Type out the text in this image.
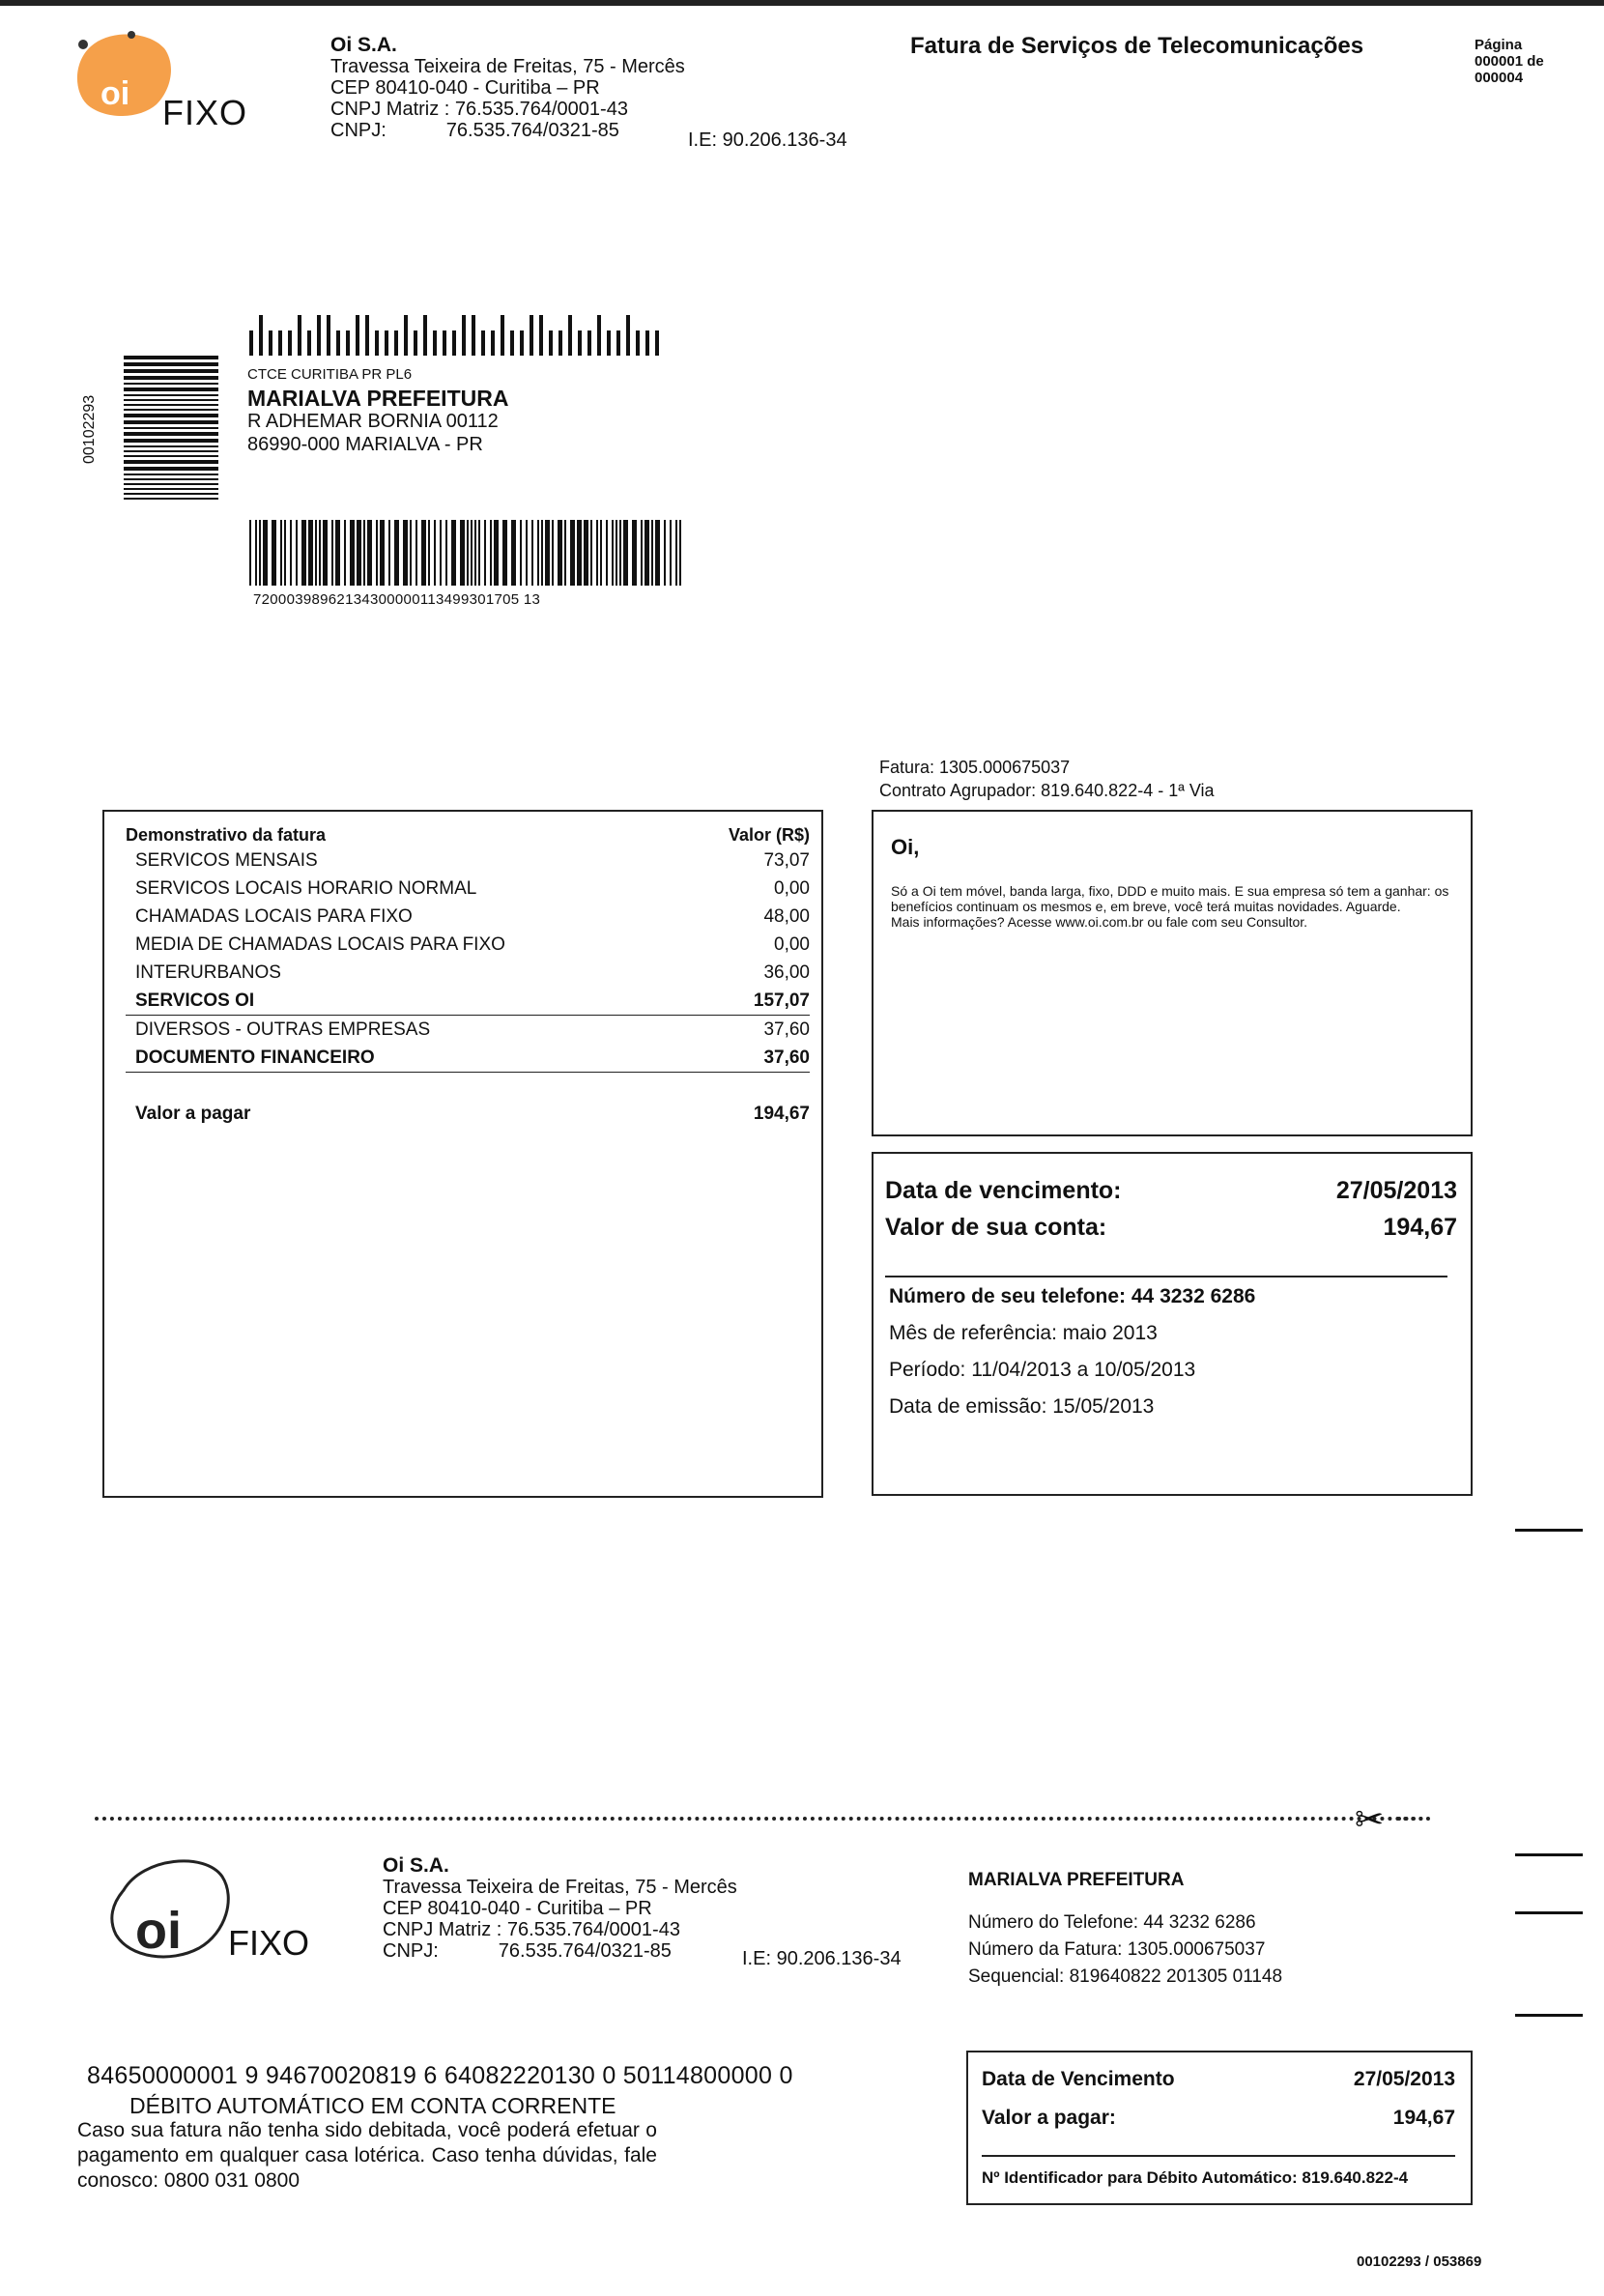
oi FIXO
Oi S.A.
Travessa Teixeira de Freitas, 75 - Mercês
CEP 80410-040 - Curitiba – PR
CNPJ Matriz : 76.535.764/0001-43
CNPJ:	76.535.764/0321-85	I.E: 90.206.136-34
Fatura de Serviços de Telecomunicações	Página
000001 de
000004
00102293
CTCE CURITIBA PR PL6
MARIALVA PREFEITURA
R ADHEMAR BORNIA 00112
86990-000 MARIALVA - PR
72000398962134300000113499301705 13
Fatura: 1305.000675037
Contrato Agrupador: 819.640.822-4 - 1ª Via
Demonstrativo da fatura	Valor (R$)
SERVICOS MENSAIS	73,07
SERVICOS LOCAIS HORARIO NORMAL	0,00
CHAMADAS LOCAIS PARA FIXO	48,00
MEDIA DE CHAMADAS LOCAIS PARA FIXO	0,00
INTERURBANOS	36,00
SERVICOS OI	157,07
DIVERSOS - OUTRAS EMPRESAS	37,60
DOCUMENTO FINANCEIRO	37,60
Valor a pagar	194,67
Oi,
Só a Oi tem móvel, banda larga, fixo, DDD e muito mais. E sua empresa só tem a ganhar: os benefícios continuam os mesmos e, em breve, você terá muitas novidades. Aguarde.
Mais informações? Acesse www.oi.com.br ou fale com seu Consultor.
Data de vencimento:	27/05/2013
Valor de sua conta:	194,67
Número de seu telefone: 44 3232 6286
Mês de referência: maio 2013
Período: 11/04/2013 a 10/05/2013
Data de emissão: 15/05/2013
✂
oi FIXO
Oi S.A.
Travessa Teixeira de Freitas, 75 - Mercês
CEP 80410-040 - Curitiba – PR
CNPJ Matriz : 76.535.764/0001-43
CNPJ:	76.535.764/0321-85	I.E: 90.206.136-34
MARIALVA PREFEITURA
Número do Telefone: 44 3232 6286
Número da Fatura: 1305.000675037
Sequencial: 819640822 201305 01148
84650000001 9 94670020819 6 64082220130 0 50114800000 0
DÉBITO AUTOMÁTICO EM CONTA CORRENTE
Caso sua fatura não tenha sido debitada, você poderá efetuar o pagamento em qualquer casa lotérica. Caso tenha dúvidas, fale conosco: 0800 031 0800
Data de Vencimento	27/05/2013
Valor a pagar:	194,67
Nº Identificador para Débito Automático: 819.640.822-4
00102293 / 053869
